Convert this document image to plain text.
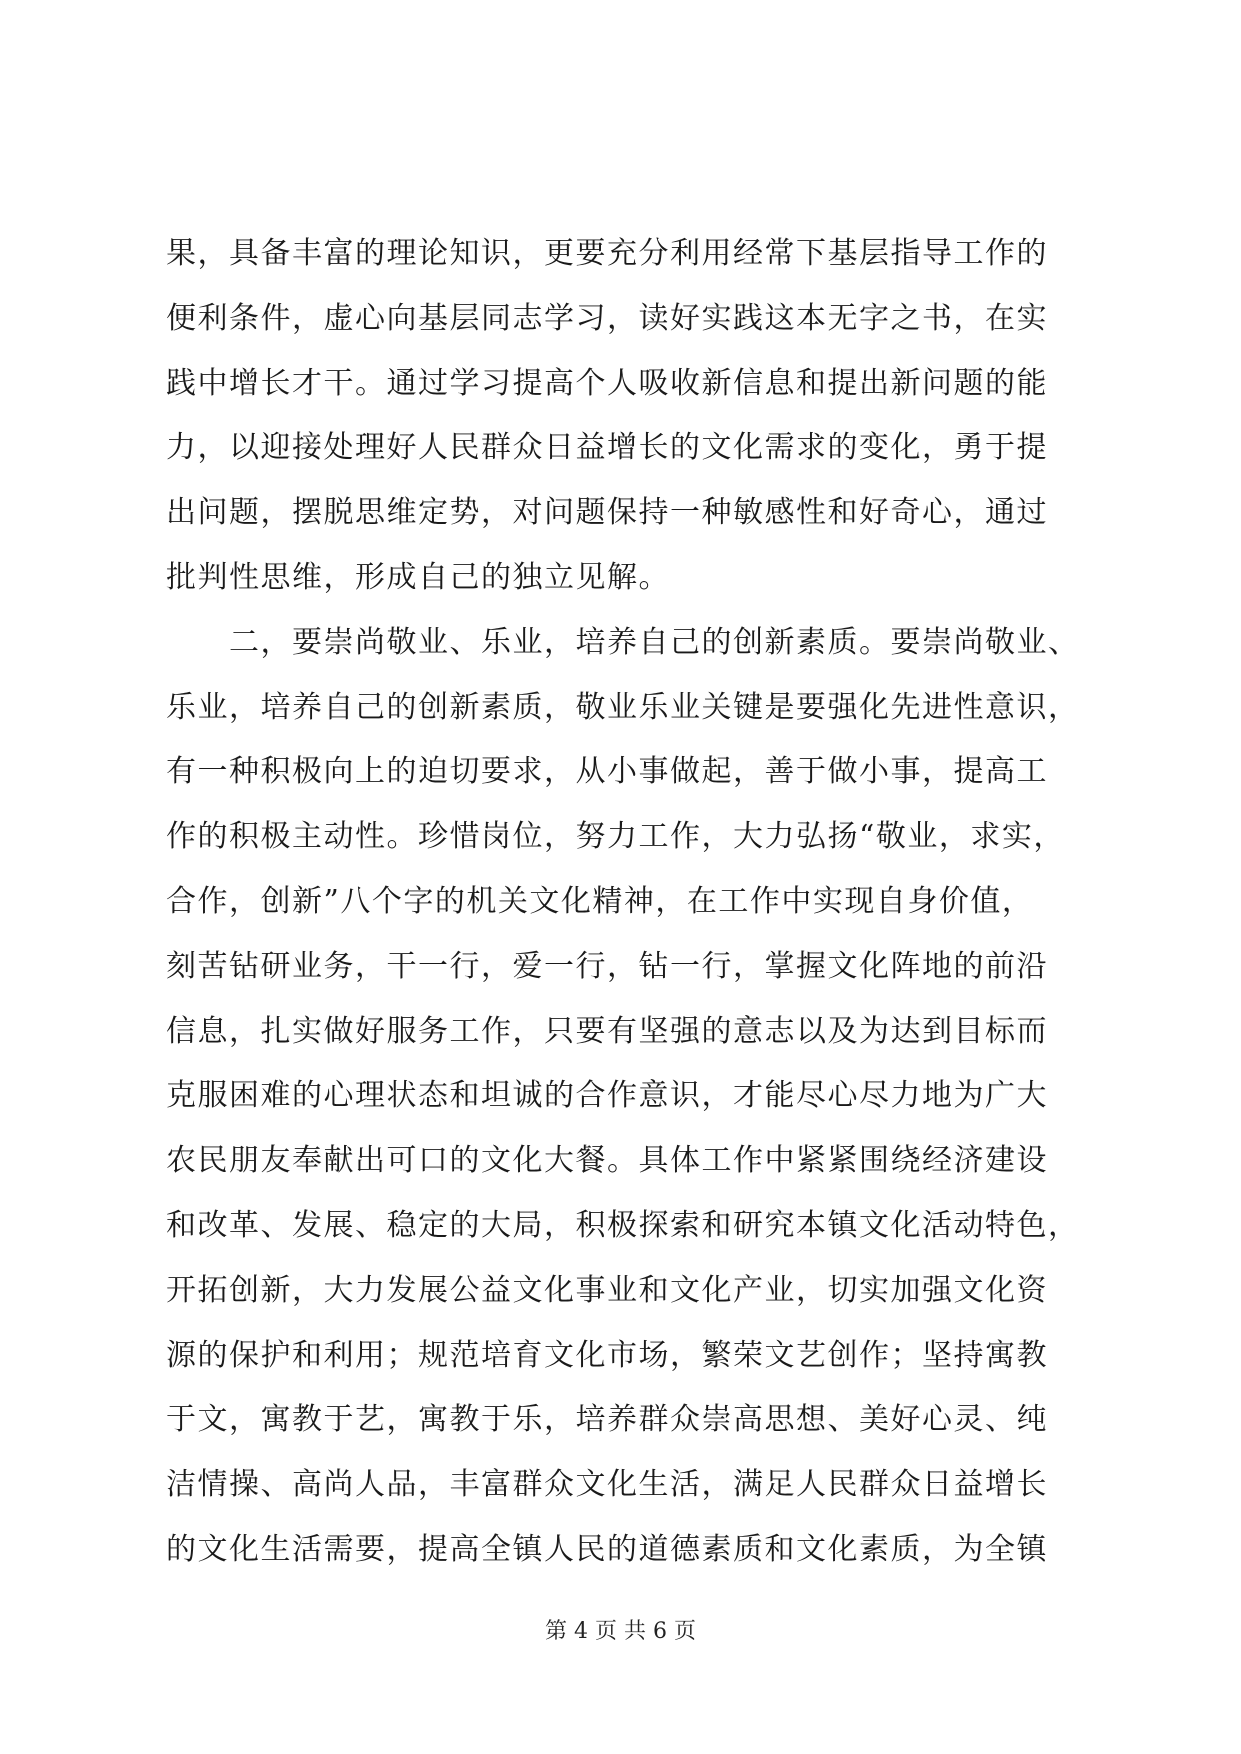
果，具备丰富的理论知识，更要充分利用经常下基层指导工作的
便利条件，虚心向基层同志学习，读好实践这本无字之书，在实
践中增长才干。通过学习提高个人吸收新信息和提出新问题的能
力，以迎接处理好人民群众日益增长的文化需求的变化，勇于提
出问题，摆脱思维定势，对问题保持一种敏感性和好奇心，通过
批判性思维，形成自己的独立见解。
　　二，要崇尚敬业、乐业，培养自己的创新素质。要崇尚敬业、
乐业，培养自己的创新素质，敬业乐业关键是要强化先进性意识，
有一种积极向上的迫切要求，从小事做起，善于做小事，提高工
作的积极主动性。珍惜岗位，努力工作，大力弘扬“敬业，求实，
合作，创新”八个字的机关文化精神，在工作中实现自身价值，
刻苦钻研业务，干一行，爱一行，钻一行，掌握文化阵地的前沿
信息，扎实做好服务工作，只要有坚强的意志以及为达到目标而
克服困难的心理状态和坦诚的合作意识，才能尽心尽力地为广大
农民朋友奉献出可口的文化大餐。具体工作中紧紧围绕经济建设
和改革、发展、稳定的大局，积极探索和研究本镇文化活动特色，
开拓创新，大力发展公益文化事业和文化产业，切实加强文化资
源的保护和利用；规范培育文化市场，繁荣文艺创作；坚持寓教
于文，寓教于艺，寓教于乐，培养群众崇高思想、美好心灵、纯
洁情操、高尚人品，丰富群众文化生活，满足人民群众日益增长
的文化生活需要，提高全镇人民的道德素质和文化素质，为全镇
第 4 页 共 6 页
